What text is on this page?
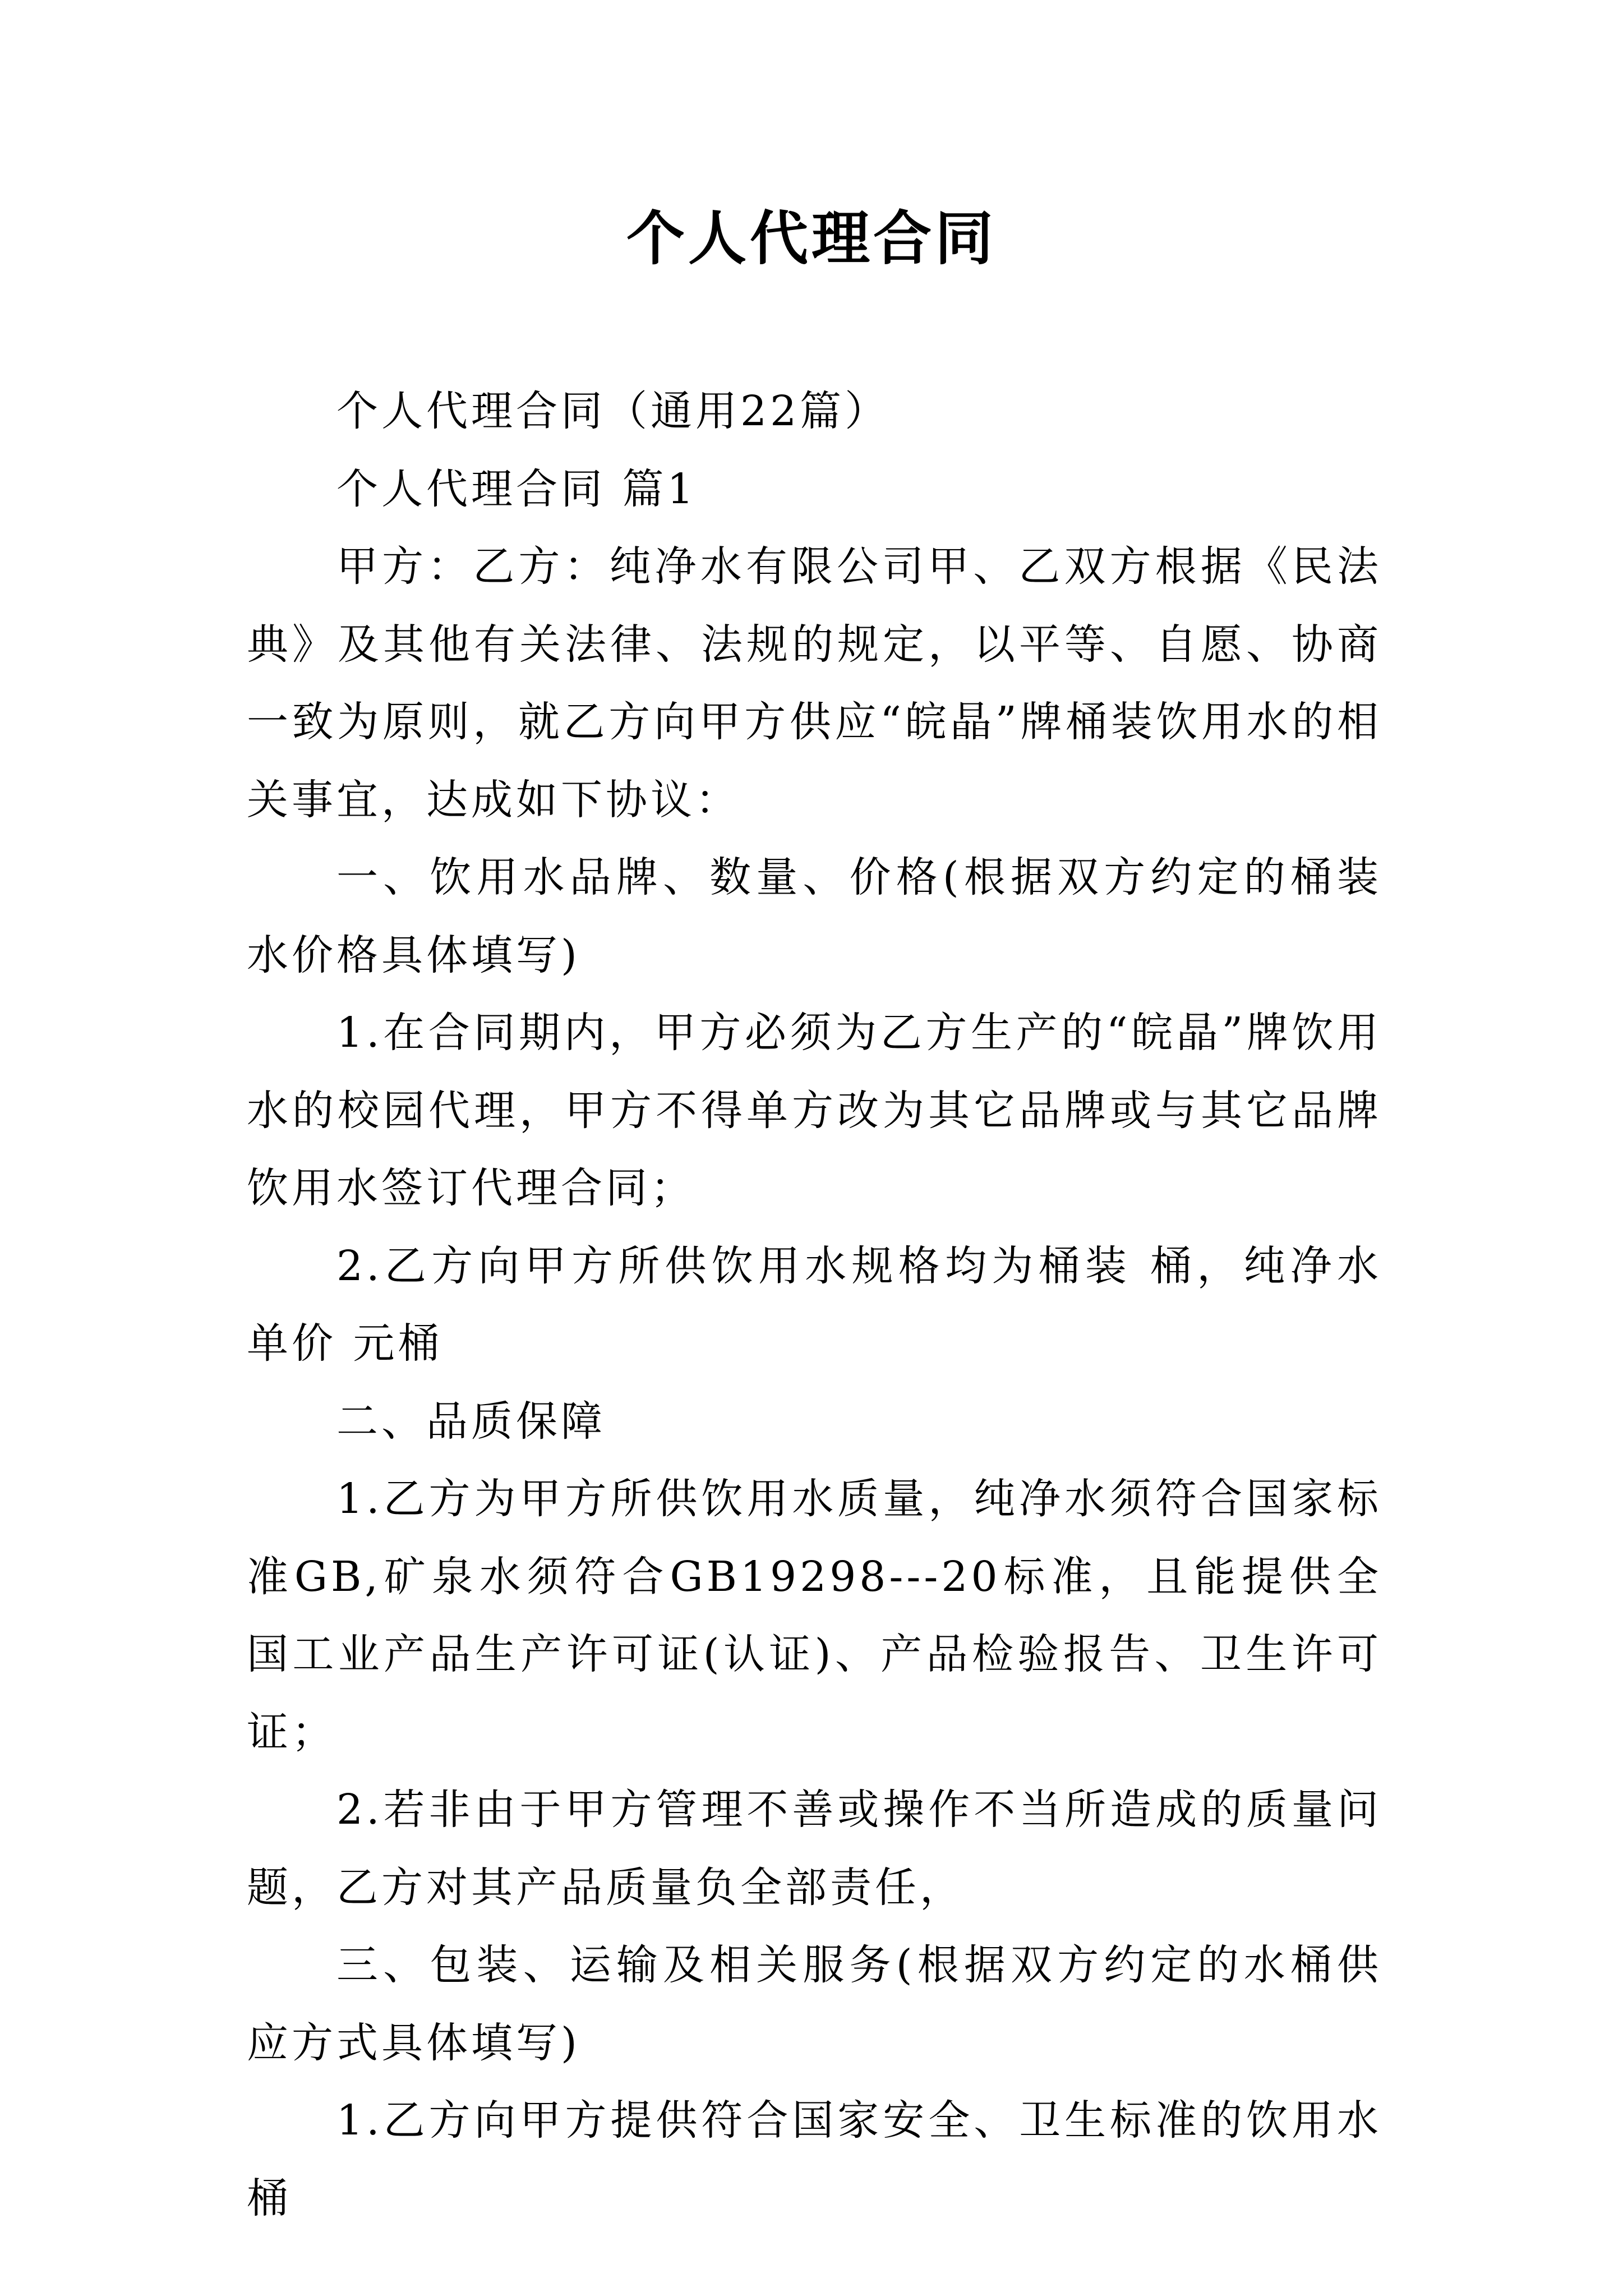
个人代理合同

个人代理合同（通用22篇）

个人代理合同 篇1

甲方：乙方：纯净水有限公司甲、乙双方根据《民法典》及其他有关法律、法规的规定，以平等、自愿、协商一致为原则，就乙方向甲方供应“皖晶”牌桶装饮用水的相关事宜，达成如下协议：

一、饮用水品牌、数量、价格(根据双方约定的桶装水价格具体填写)

1.在合同期内，甲方必须为乙方生产的“皖晶”牌饮用水的校园代理，甲方不得单方改为其它品牌或与其它品牌饮用水签订代理合同；

2.乙方向甲方所供饮用水规格均为桶装 桶，纯净水单价 元桶

二、品质保障

1.乙方为甲方所供饮用水质量，纯净水须符合国家标准GB,矿泉水须符合GB19298---20标准，且能提供全国工业产品生产许可证(认证)、产品检验报告、卫生许可证；

2.若非由于甲方管理不善或操作不当所造成的质量问题，乙方对其产品质量负全部责任，

三、包装、运输及相关服务(根据双方约定的水桶供应方式具体填写)

1.乙方向甲方提供符合国家安全、卫生标准的饮用水桶
